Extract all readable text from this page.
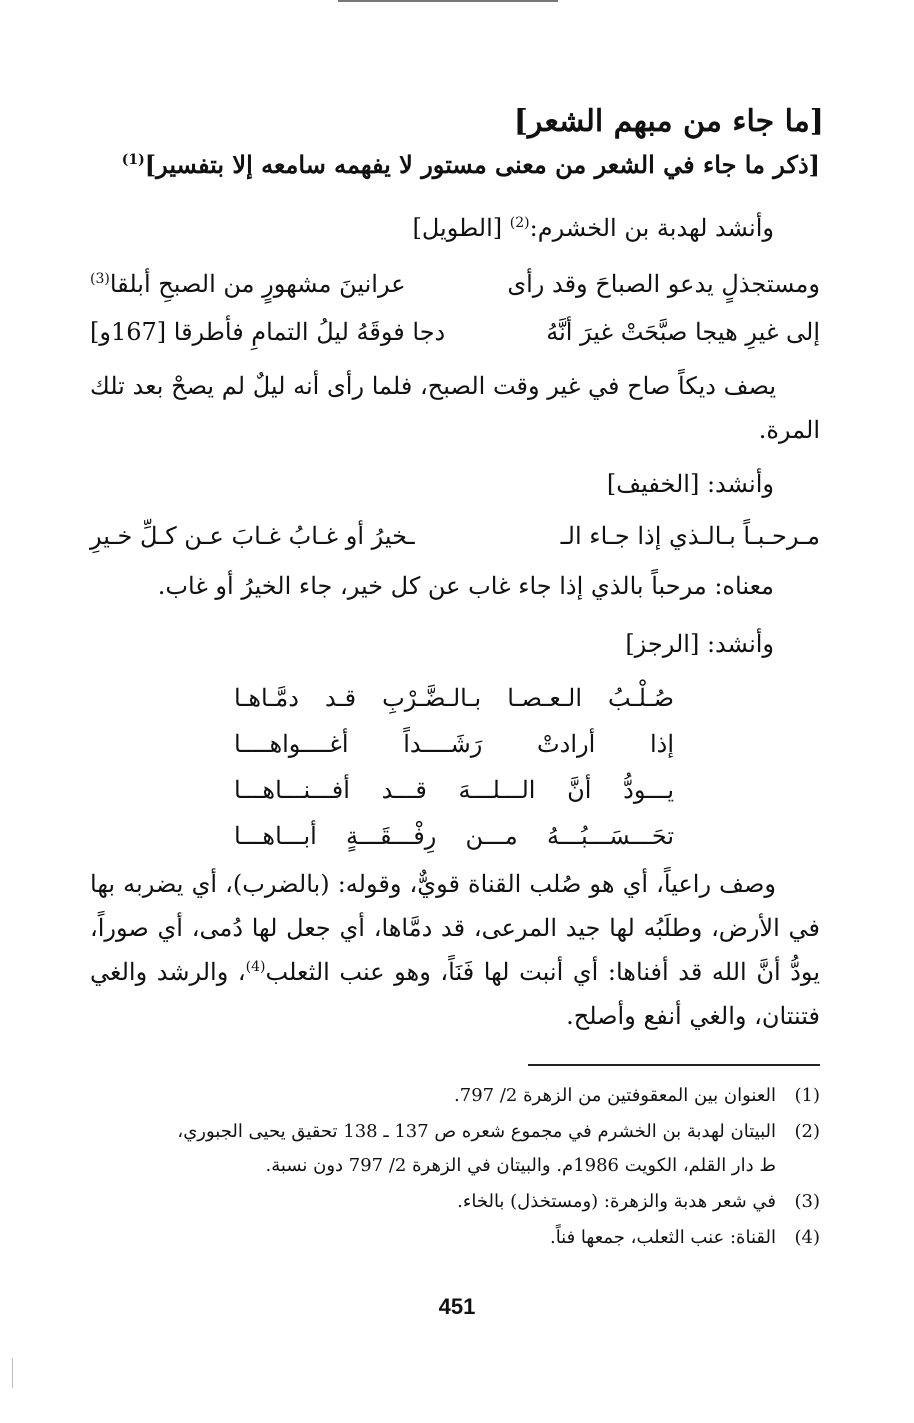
[ما جاء من مبهم الشعر]
[ذكر ما جاء في الشعر من معنى مستور لا يفهمه سامعه إلا بتفسير]$^{(1)}$
وأنشد لهدبة بن الخشرم:$^{(2)}$ [الطويل]
ومستجذلٍ يدعو الصباحَ وقد رأى
عرانينَ مشهورٍ من الصبحِ أبلقا$^{(3)}$
إلى غيرِ هيجا صبَّحَتْ غيرَ أنَّهُ
دجا فوقَهُ ليلُ التمامِ فأطرقا [167و]
يصف ديكاً صاح في غير وقت الصبح، فلما رأى أنه ليلٌ لم يصحْ بعد تلك المرة.
وأنشد: [الخفيف]
مـرحـبـاً بـالـذي إذا جـاء الـ
ـخيرُ أو غـابُ غـابَ عـن كـلِّ خـيرِ
معناه: مرحباً بالذي إذا جاء غاب عن كل خير، جاء الخيرُ أو غاب.
وأنشد: [الرجز]
صُـلْـبُ الـعـصـا بـالـضَّـرْبِ قـد دمَّـاهـا
إذا أرادتْ رَشَــــداً أغــــواهــــا
يـــودُّ أنَّ الـــلـــهَ قـــد أفـــنـــاهـــا
تحَـــسَـــبُـــهُ مـــن رِفْـــقَـــةٍ أبـــاهـــا
وصف راعياً، أي هو صُلب القناة قويٌّ، وقوله: (بالضرب)، أي يضربه بها في الأرض، وطلَبُه لها جيد المرعى، قد دمَّاها، أي جعل لها دُمى، أي صوراً، يودُّ أنَّ الله قد أفناها: أي أنبت لها فَنَاً، وهو عنب الثعلب$^{(4)}$، والرشد والغي فتنتان، والغي أنفع وأصلح.
(1)
العنوان بين المعقوفتين من الزهرة 2/ 797.
(2)
البيتان لهدبة بن الخشرم في مجموع شعره ص 137 ـ 138 تحقيق يحيى الجبوري،
ط دار القلم، الكويت 1986م. والبيتان في الزهرة 2/ 797 دون نسبة.
(3)
في شعر هدبة والزهرة: (ومستخذل) بالخاء.
(4)
القناة: عنب الثعلب، جمعها فناً.
451
